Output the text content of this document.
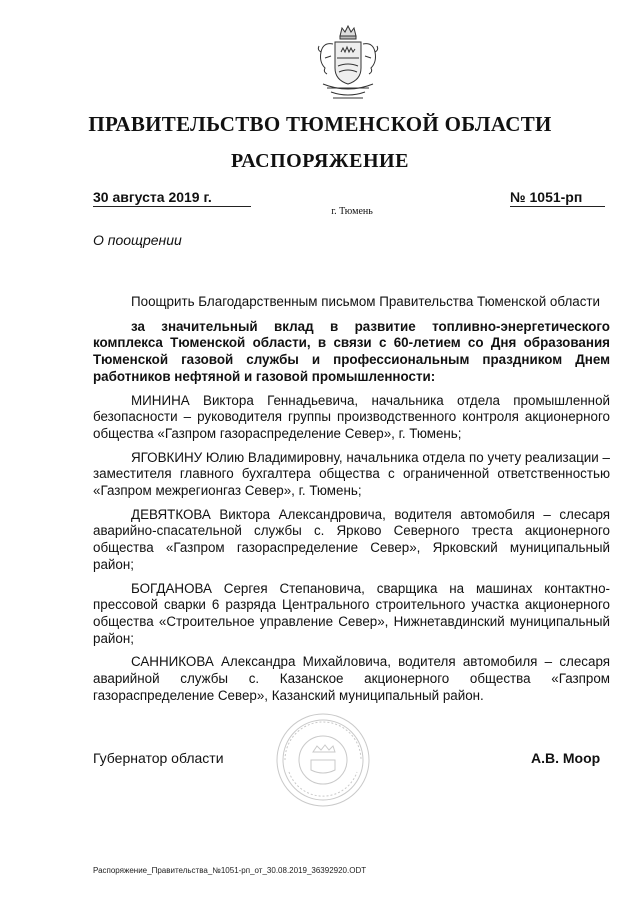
ПРАВИТЕЛЬСТВО ТЮМЕНСКОЙ ОБЛАСТИ
РАСПОРЯЖЕНИЕ
30 августа 2019 г.	№ 1051-рп
г. Тюмень
О поощрении

Поощрить Благодарственным письмом Правительства Тюменской области

за значительный вклад в развитие топливно-энергетического комплекса Тюменской области, в связи с 60-летием со Дня образования Тюменской газовой службы и профессиональным праздником Днем работников нефтяной и газовой промышленности:

МИНИНА Виктора Геннадьевича, начальника отдела промышленной безопасности – руководителя группы производственного контроля акционерного общества «Газпром газораспределение Север», г. Тюмень;

ЯГОВКИНУ Юлию Владимировну, начальника отдела по учету реализации – заместителя главного бухгалтера общества с ограниченной ответственностью «Газпром межрегионгаз Север», г. Тюмень;

ДЕВЯТКОВА Виктора Александровича, водителя автомобиля – слесаря аварийно-спасательной службы с. Ярково Северного треста акционерного общества «Газпром газораспределение Север», Ярковский муниципальный район;

БОГДАНОВА Сергея Степановича, сварщика на машинах контактно-прессовой сварки 6 разряда Центрального строительного участка акционерного общества «Строительное управление Север», Нижнетавдинский муниципальный район;

САННИКОВА Александра Михайловича, водителя автомобиля – слесаря аварийной службы с. Казанское акционерного общества «Газпром газораспределение Север», Казанский муниципальный район.

Губернатор области	А.В. Моор
Распоряжение_Правительства_№1051-рп_от_30.08.2019_36392920.ODT
